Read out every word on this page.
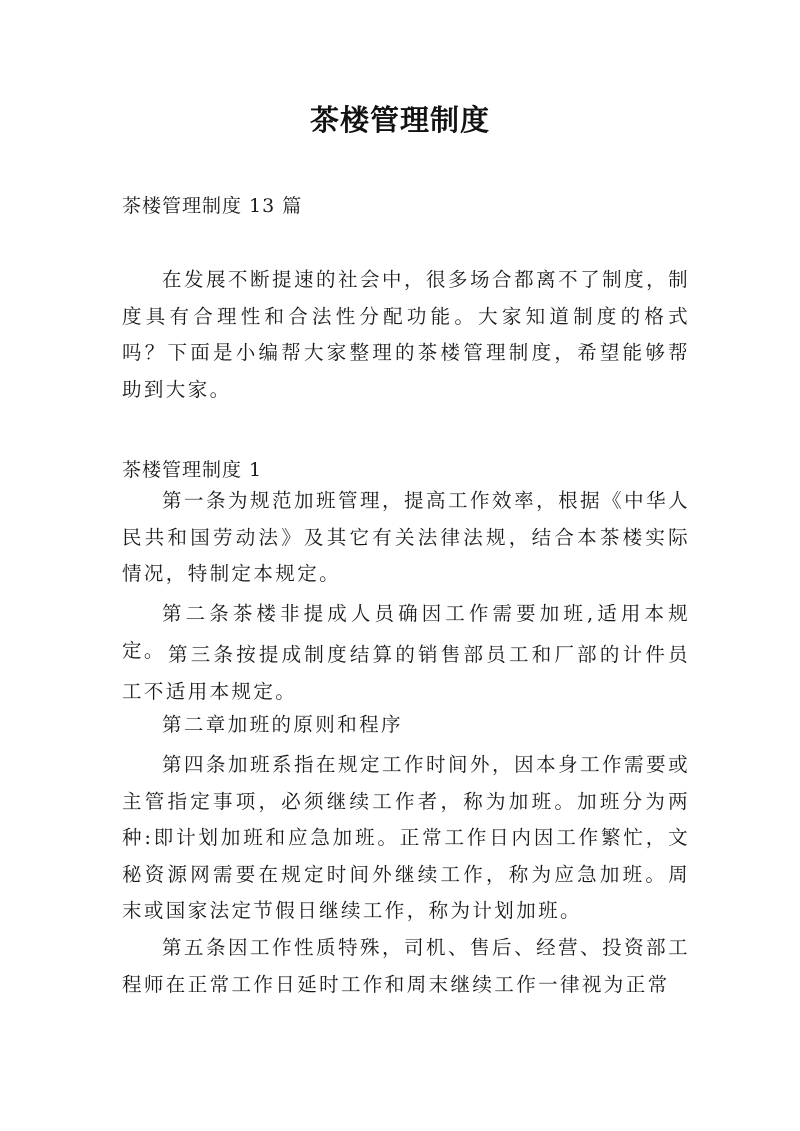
茶楼管理制度
茶楼管理制度 13 篇

在发展不断提速的社会中，很多场合都离不了制度，制度具有合理性和合法性分配功能。大家知道制度的格式吗？下面是小编帮大家整理的茶楼管理制度，希望能够帮助到大家。

茶楼管理制度 1

第一条为规范加班管理，提高工作效率，根据《中华人民共和国劳动法》及其它有关法律法规，结合本茶楼实际情况，特制定本规定。

第二条茶楼非提成人员确因工作需要加班,适用本规定。 第三条按提成制度结算的销售部员工和厂部的计件员工不适用本规定。

第二章加班的原则和程序

第四条加班系指在规定工作时间外，因本身工作需要或主管指定事项，必须继续工作者，称为加班。加班分为两种:即计划加班和应急加班。正常工作日内因工作繁忙，文秘资源网需要在规定时间外继续工作，称为应急加班。周末或国家法定节假日继续工作，称为计划加班。

第五条因工作性质特殊，司机、售后、经营、投资部工程师在正常工作日延时工作和周末继续工作一律视为正常
